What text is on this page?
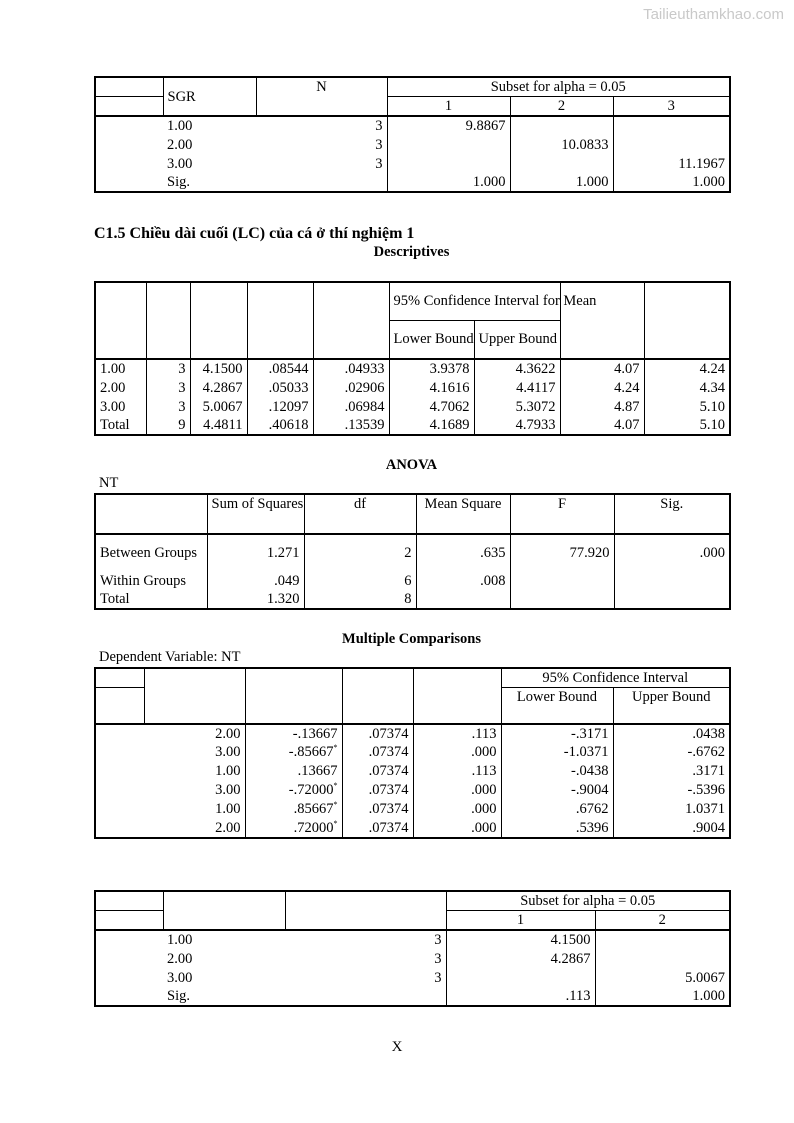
Tailieuthamkhao.com
	SGR	N	Subset for alpha = 0.05		
			1	2	3
	1.00	3	9.8867		
	2.00	3		10.0833	
	3.00	3			11.1967
	Sig.		1.000	1.000	1.000
C1.5 Chiều dài cuối (LC) của cá ở thí nghiệm 1
Descriptives
					95% Confidence Interval for Mean			
					Lower Bound	Upper Bound		
1.00	3	4.1500	.08544	.04933	3.9378	4.3622	4.07	4.24
2.00	3	4.2867	.05033	.02906	4.1616	4.4117	4.24	4.34
3.00	3	5.0067	.12097	.06984	4.7062	5.3072	4.87	5.10
Total	9	4.4811	.40618	.13539	4.1689	4.7933	4.07	5.10
ANOVA
NT
	Sum of Squares	df	Mean Square	F	Sig.
Between Groups	1.271	2	.635	77.920	.000
Within Groups	.049	6	.008		
Total	1.320	8			
Multiple Comparisons
Dependent Variable: NT
					95% Confidence Interval	
					Lower Bound	Upper Bound
	2.00	-.13667	.07374	.113	-.3171	.0438
	3.00	-.85667*	.07374	.000	-1.0371	-.6762
	1.00	.13667	.07374	.113	-.0438	.3171
	3.00	-.72000*	.07374	.000	-.9004	-.5396
	1.00	.85667*	.07374	.000	.6762	1.0371
	2.00	.72000*	.07374	.000	.5396	.9004
			Subset for alpha = 0.05	
			1	2
	1.00	3	4.1500	
	2.00	3	4.2867	
	3.00	3		5.0067
	Sig.		.113	1.000
X
